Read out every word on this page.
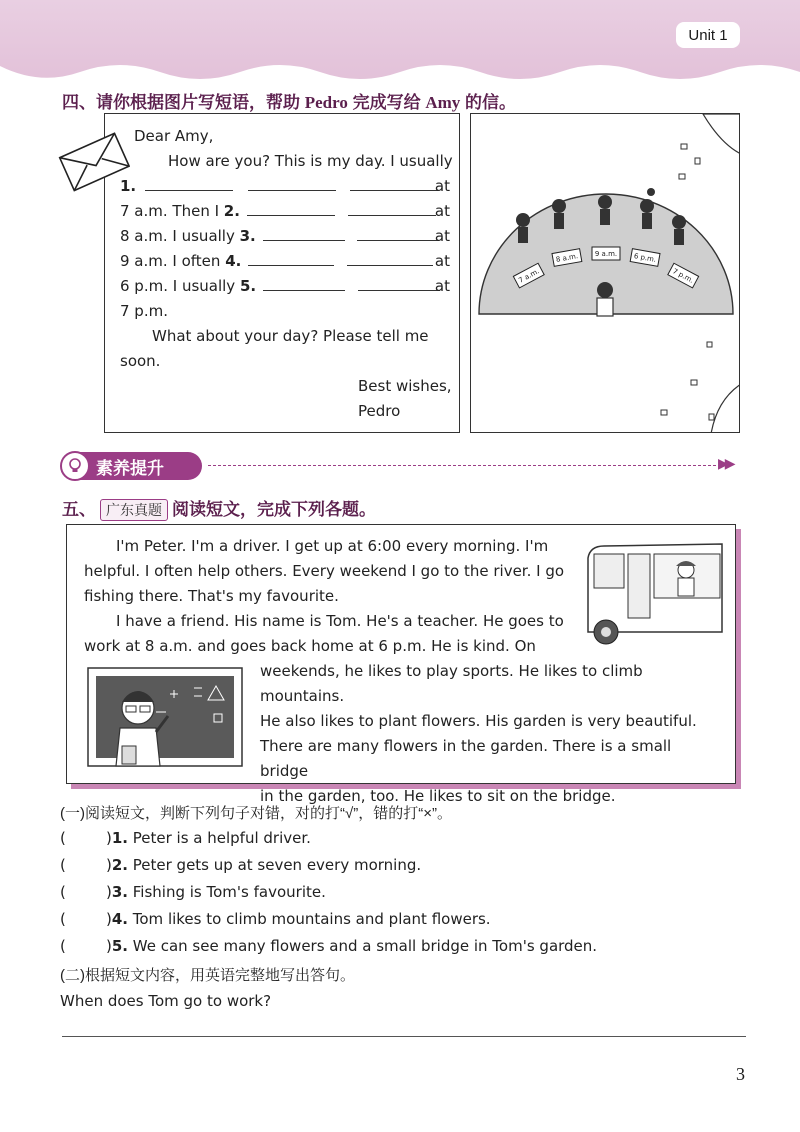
Unit 1
四、请你根据图片写短语，帮助 Pedro 完成写给 Amy 的信。
Dear Amy,
How are you? This is my day. I usually
1.	at
7 a.m. Then I 2.	at
8 a.m. I usually 3.	at
9 a.m. I often 4.	at
6 p.m. I usually 5.	at
7 p.m.
What about your day? Please tell me
soon.
Best wishes,
Pedro
7 a.m.
8 a.m. 9 a.m. 6 p.m.
7 p.m.
素养提升	▶▶
五、 广东真题 阅读短文，完成下列各题。

I'm Peter. I'm a driver. I get up at 6:00 every morning. I'm

helpful. I often help others. Every weekend I go to the river. I go

fishing there. That's my favourite.

I have a friend. His name is Tom. He's a teacher. He goes to

work at 8 a.m. and goes back home at 6 p.m. He is kind. On

weekends, he likes to play sports. He likes to climb mountains.

He also likes to plant flowers. His garden is very beautiful.

There are many flowers in the garden. There is a small bridge

in the garden, too. He likes to sit on the bridge.

(一)阅读短文，判断下列句子对错，对的打“√”，错的打“×”。
(	)1. Peter is a helpful driver.
(	)2. Peter gets up at seven every morning.
(	)3. Fishing is Tom's favourite.
(	)4. Tom likes to climb mountains and plant flowers.
(	)5. We can see many flowers and a small bridge in Tom's garden.
(二)根据短文内容，用英语完整地写出答句。
When does Tom go to work?
3
